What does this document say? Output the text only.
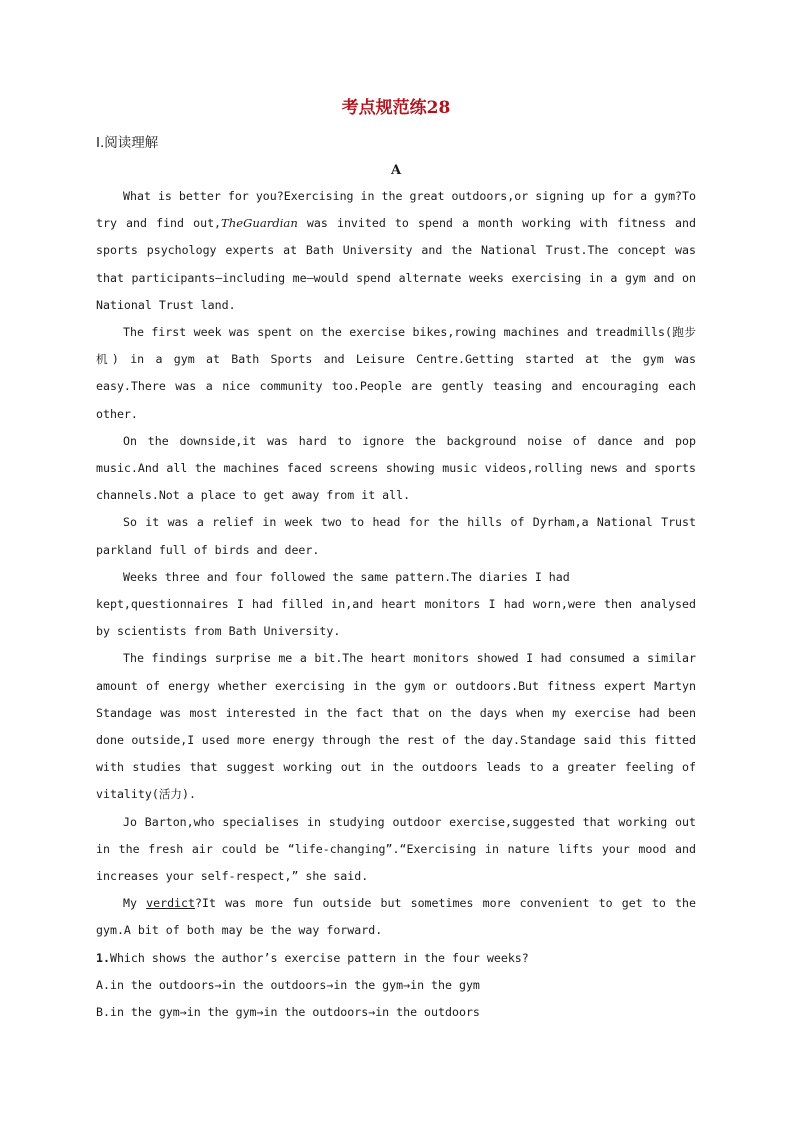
考点规范练28
Ⅰ.阅读理解
A

What is better for you?Exercising in the great outdoors,or signing up for a gym?To try and find out,TheGuardian was invited to spend a month working with fitness and sports psychology experts at Bath University and the National Trust.The concept was that participants—including me—would spend alternate weeks exercising in a gym and on National Trust land.

The first week was spent on the exercise bikes,rowing machines and treadmills(跑步机) in a gym at Bath Sports and Leisure Centre.Getting started at the gym was easy.There was a nice community too.People are gently teasing and encouraging each other.

On the downside,it was hard to ignore the background noise of dance and pop music.And all the machines faced screens showing music videos,rolling news and sports channels.Not a place to get away from it all.

So it was a relief in week two to head for the hills of Dyrham,a National Trust parkland full of birds and deer.

Weeks three and four followed the same pattern.The diaries I had

kept,questionnaires I had filled in,and heart monitors I had worn,were then analysed by scientists from Bath University.

The findings surprise me a bit.The heart monitors showed I had consumed a similar amount of energy whether exercising in the gym or outdoors.But fitness expert Martyn Standage was most interested in the fact that on the days when my exercise had been done outside,I used more energy through the rest of the day.Standage said this fitted with studies that suggest working out in the outdoors leads to a greater feeling of vitality(活力).

Jo Barton,who specialises in studying outdoor exercise,suggested that working out in the fresh air could be “life-changing”.“Exercising in nature lifts your mood and increases your self-respect,” she said.

My verdict?It was more fun outside but sometimes more convenient to get to the gym.A bit of both may be the way forward.

1.Which shows the author’s exercise pattern in the four weeks?

A.in the outdoors→in the outdoors→in the gym→in the gym

B.in the gym→in the gym→in the outdoors→in the outdoors
